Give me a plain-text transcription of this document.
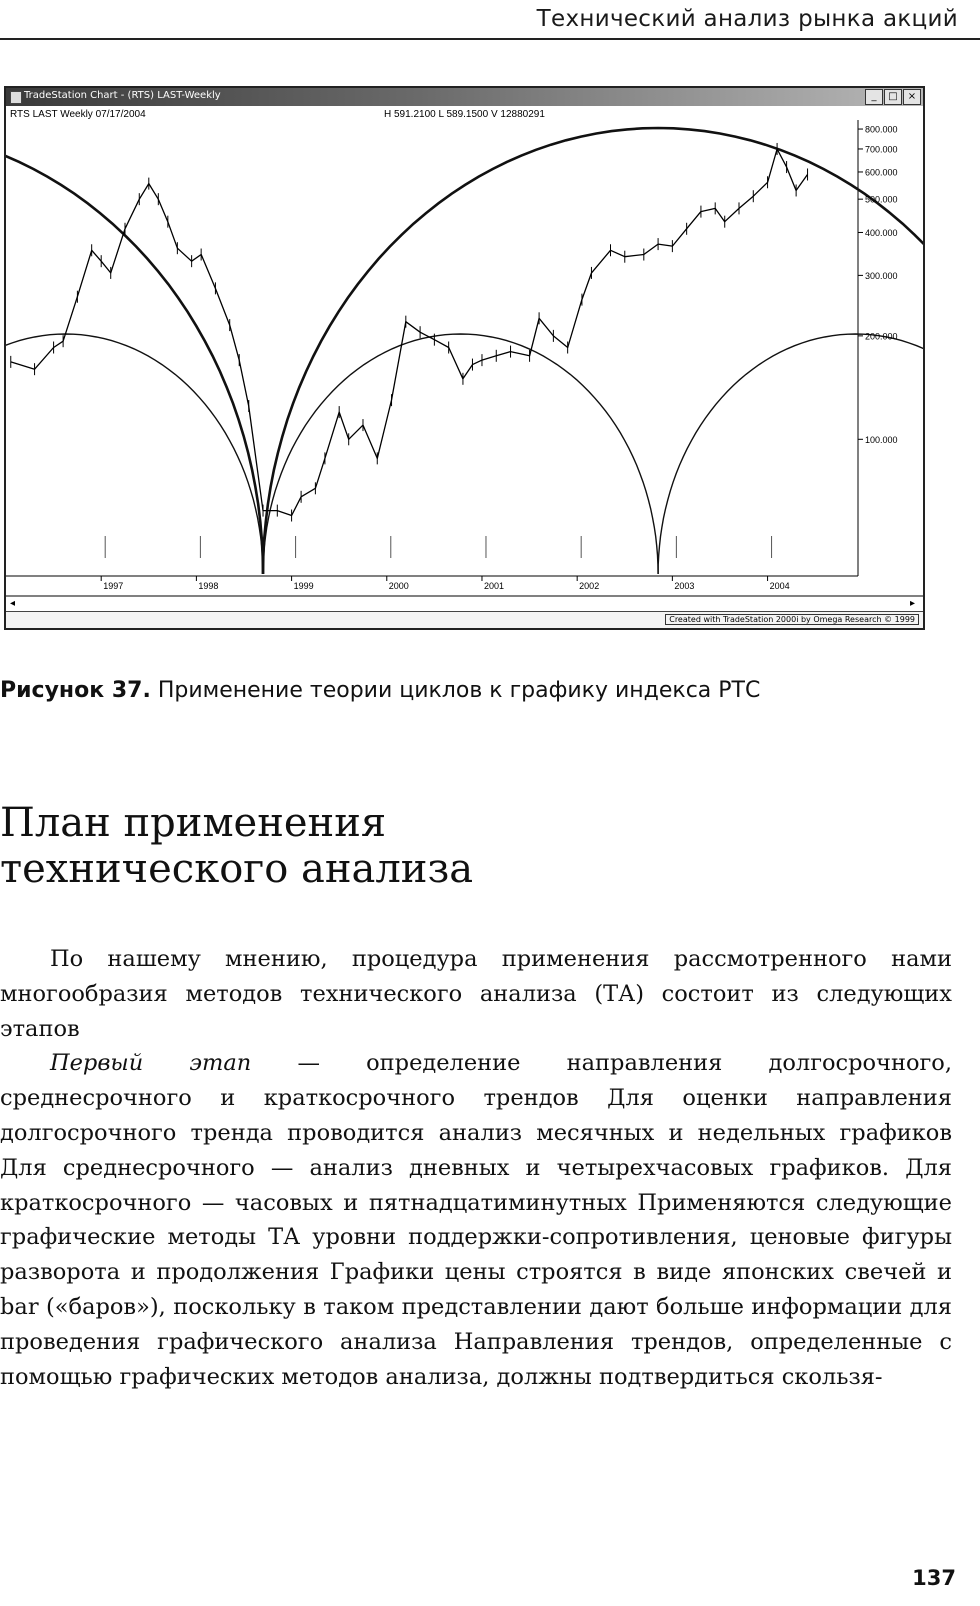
Технический анализ рынка акций
TradeStation Chart - (RTS) LAST-Weekly	_	□	×
RTS LAST Weekly 07/17/2004	H 591.2100 L 589.1500 V 12880291
◂	▸
800.000
700.000
600.000
500.000
400.000
300.000
200.000
100.000
1997	1998	1999	2000	2001	2002	2003	2004
Created with TradeStation 2000i by Omega Research © 1999
Рисунок 37. Применение теории циклов к графику индекса РТС
План применения
технического анализа

По нашему мнению, процедура применения рассмотренного нами многообразия методов технического анализа (ТА) состоит из следующих этапов

Первый этап — определение направления долгосрочного, среднесрочного и краткосрочного трендов Для оценки направления долгосрочного тренда проводится анализ месячных и недельных графиков Для среднесрочного — анализ дневных и четырехчасовых графиков. Для краткосрочного — часовых и пятнадцатиминутных Применяются следующие графические методы ТА уровни поддержки-сопротивления, ценовые фигуры разворота и продолжения Графики цены строятся в виде японских свечей и bar («баров»), поскольку в таком представлении дают больше информации для проведения графического анализа Направления трендов, определенные с помощью графических методов анализа, должны подтвердиться скользя-

137
